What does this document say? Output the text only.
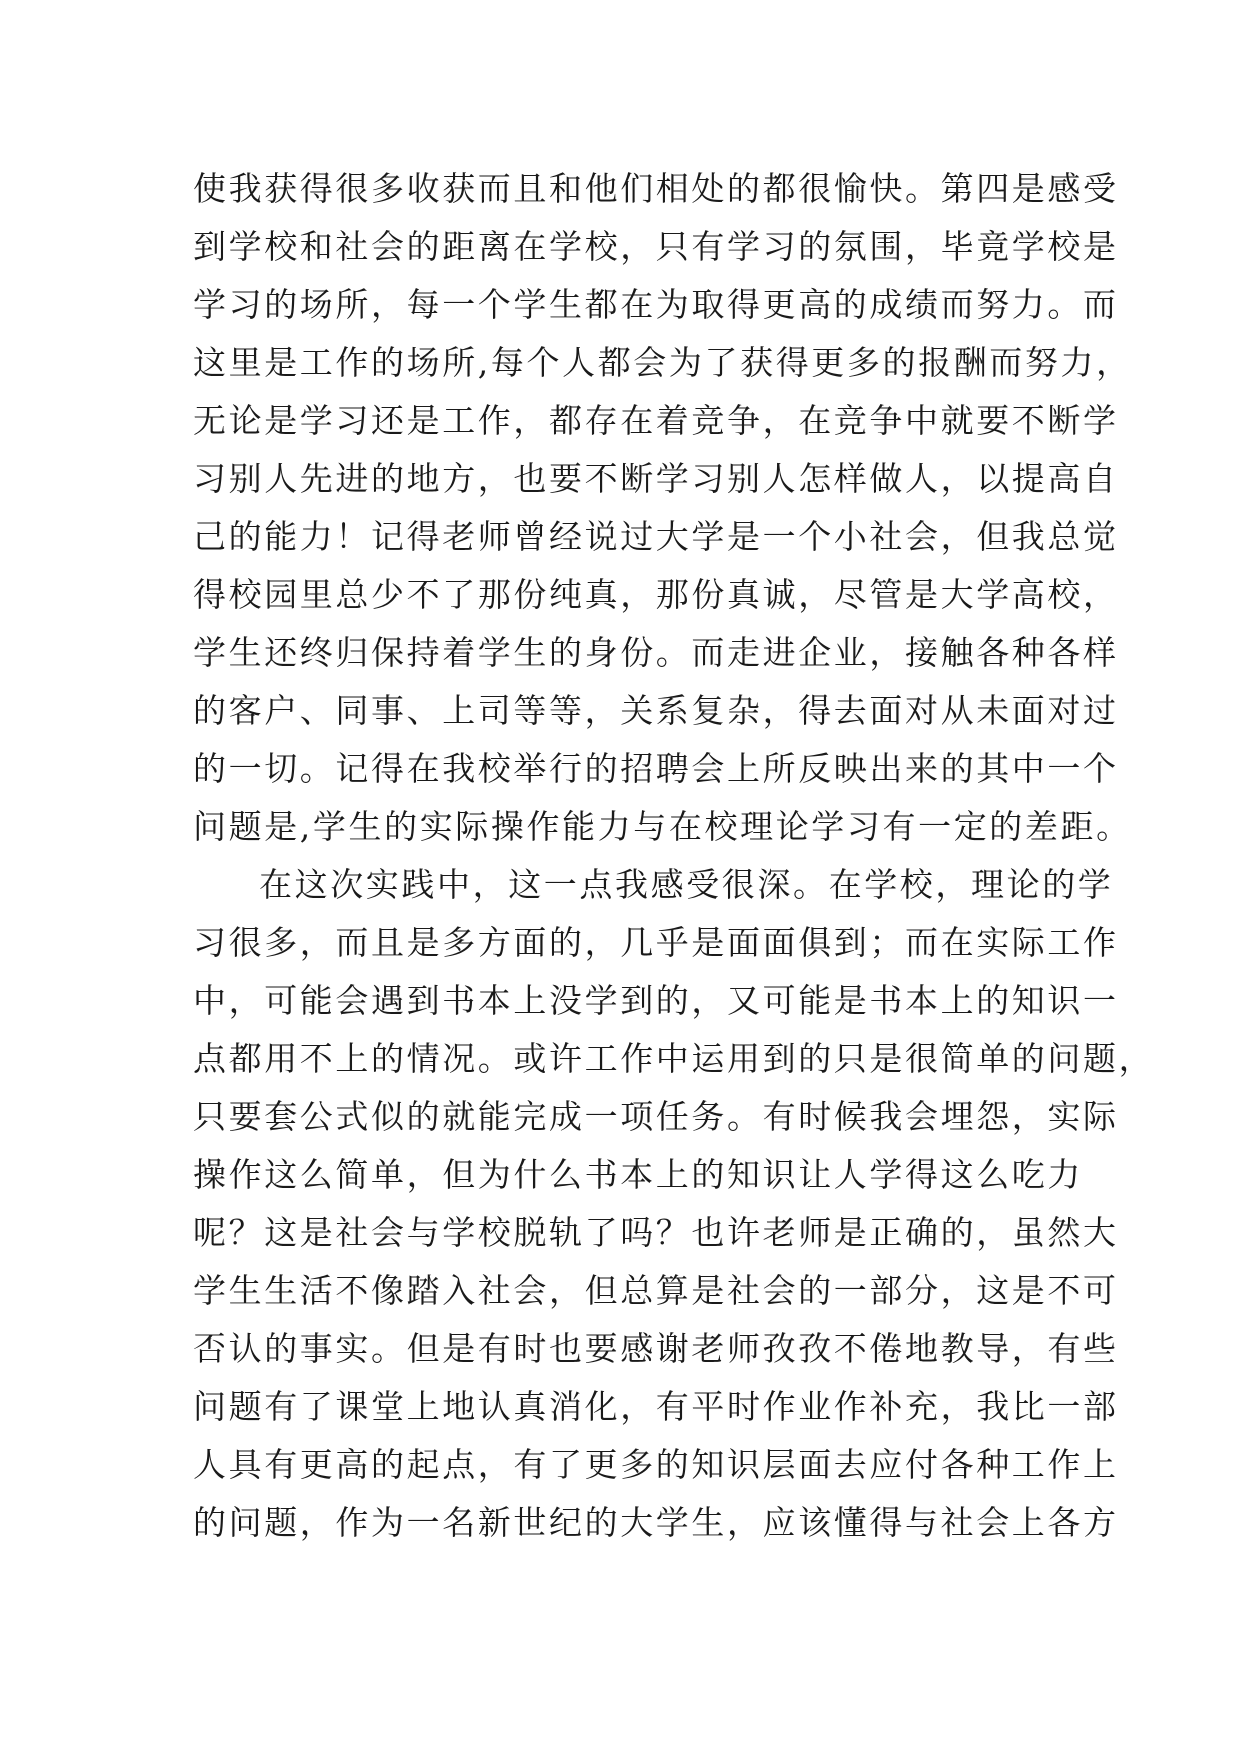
使我获得很多收获而且和他们相处的都很愉快。第四是感受
到学校和社会的距离在学校，只有学习的氛围，毕竟学校是
学习的场所，每一个学生都在为取得更高的成绩而努力。而
这里是工作的场所,每个人都会为了获得更多的报酬而努力，
无论是学习还是工作，都存在着竞争，在竞争中就要不断学
习别人先进的地方，也要不断学习别人怎样做人，以提高自
己的能力！记得老师曾经说过大学是一个小社会，但我总觉
得校园里总少不了那份纯真，那份真诚，尽管是大学高校，
学生还终归保持着学生的身份。而走进企业，接触各种各样
的客户、同事、上司等等，关系复杂，得去面对从未面对过
的一切。记得在我校举行的招聘会上所反映出来的其中一个
问题是,学生的实际操作能力与在校理论学习有一定的差距。
在这次实践中，这一点我感受很深。在学校，理论的学
习很多，而且是多方面的，几乎是面面俱到；而在实际工作
中，可能会遇到书本上没学到的，又可能是书本上的知识一
点都用不上的情况。或许工作中运用到的只是很简单的问题，
只要套公式似的就能完成一项任务。有时候我会埋怨，实际
操作这么简单，但为什么书本上的知识让人学得这么吃力
呢？这是社会与学校脱轨了吗？也许老师是正确的，虽然大
学生生活不像踏入社会，但总算是社会的一部分，这是不可
否认的事实。但是有时也要感谢老师孜孜不倦地教导，有些
问题有了课堂上地认真消化，有平时作业作补充，我比一部
人具有更高的起点，有了更多的知识层面去应付各种工作上
的问题，作为一名新世纪的大学生，应该懂得与社会上各方
